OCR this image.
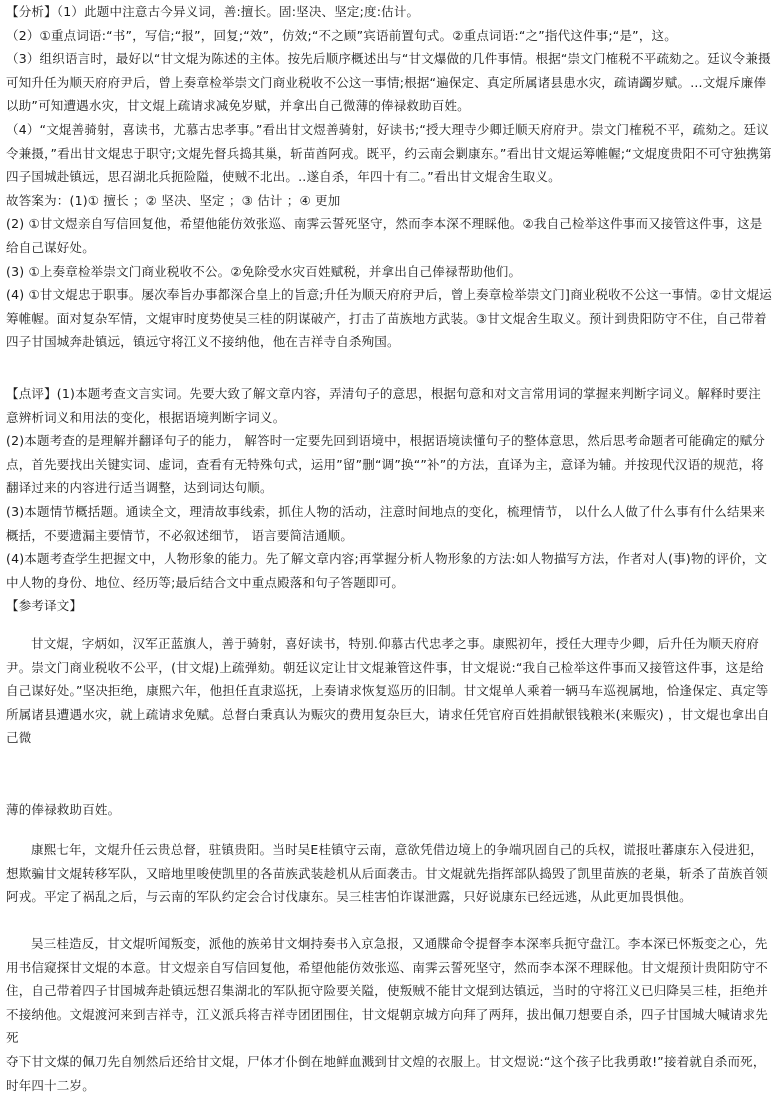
【分析】（1）此题中注意古今异义词，善:擅长。固:坚决、坚定;度:估计。

（2）①重点词语:“书”，写信;“报”，回复;“效”，仿效;“不之顾”宾语前置句式。②重点词语:“之”指代这件事;“是”，这。

（3）组织语言时，最好以“甘文焜为陈述的主体。按先后顺序概述出与“甘文爆做的几件事情。根据“崇文门榷税不平疏劾之。廷议令兼摄可知升任为顺天府府尹后，曾上奏章检举崇文门商业税收不公这一事情;根据“遍保定、真定所属诸县患水灾，疏请蠲岁赋。...文焜斥廉俸以助”可知遭遇水灾，甘文焜上疏请求减免岁赋，并拿出自己微薄的俸禄救助百姓。

（4）“文焜善骑射，喜读书，尤慕古忠孝事。”看出甘文煜善骑射，好读书;“授大理寺少卿迁顺天府府尹。崇文门榷税不平，疏劾之。廷议令兼摄，”看出甘文焜忠于职守;文焜先督兵捣其巢，斩苗酋阿戎。既平，约云南会剿康东。”看出甘文焜运筹帷幄;“文焜度贵阳不可守独携第四子国城赴镇远，思召湖北兵扼险隘，使贼不北出。..遂自杀，年四十有二。”看出甘文焜舍生取义。

故答案为：(1)① 擅长 ；② 坚决、坚定 ；③ 估计 ；④ 更加

(2) ①甘文煜亲自写信回复他，希望他能仿效张巡、南霁云誓死坚守，然而李本深不理睬他。②我自己检举这件事而又接管这件事，这是给自己谋好处。

(3) ①上奏章检举崇文门商业税收不公。②免除受水灾百姓赋税，并拿出自己俸禄帮助他们。

(4) ①甘文焜忠于职事。屡次奉旨办事都深合皇上的旨意;升任为顺天府府尹后，曾上奏章检举崇文门]商业税收不公这一事情。②甘文焜运筹帷幄。面对复杂军情，文焜审时度势使吴三桂的阴谋破产，打击了苗族地方武装。③甘文焜舍生取义。预计到贵阳防守不住，自己带着四子甘国城奔赴镇远，镇远守将江义不接纳他，他在吉祥寺自杀殉国。

【点评】(1)本题考查文言实词。先要大致了解文章内容，弄清句子的意思，根据句意和对文言常用词的掌握来判断字词义。解释时要注意辨析词义和用法的变化，根据语境判断字词义。

(2)本题考查的是理解并翻译句子的能力， 解答时一定要先回到语境中，根据语境读懂句子的整体意思，然后思考命题者可能确定的赋分点，首先要找出关键实词、虚词，查看有无特殊句式，运用”留”删“调”换“”补”的方法，直译为主，意译为辅。并按现代汉语的规范，将翻译过来的内容进行适当调整，达到词达句顺。

(3)本题情节概括题。通读全文，理清故事线索，抓住人物的活动，注意时间地点的变化，梳理情节， 以什么人做了什么事有什么结果来概括，不要遗漏主要情节，不必叙述细节， 语言要简洁通顺。

(4)本题考查学生把握文中，人物形象的能力。先了解文章内容;再掌握分析人物形象的方法:如人物描写方法，作者对人(事)物的评价，文中人物的身份、地位、经历等;最后结合文中重点殿落和句子答题即可。

【参考译文】

甘文焜，字炳如，汉军正蓝旗人，善于骑射，喜好读书，特别.仰慕古代忠孝之事。康熙初年，授任大理寺少卿，后升任为顺天府府尹。崇文门商业税收不公平，(甘文焜)上疏弹劾。朝廷议定让甘文焜兼管这件事，甘文焜说:“我自己检举这件事而又接管这件事，这是给自己谋好处。”坚决拒绝，康熙六年，他担任直隶巡抚，上奏请求恢复巡历的旧制。甘文焜单人乘着一辆马车巡视属地，恰逢保定、真定等所属诸县遭遇水灾，就上疏请求免赋。总督白秉真认为赈灾的费用复杂巨大，请求任凭官府百姓捐献银钱粮米(来赈灾) ，甘文焜也拿出自己微

薄的俸禄救助百姓。

康熙七年，文焜升任云贵总督，驻镇贵阳。当时吴E桂镇守云南，意欲凭借边境上的争端巩固自己的兵权，谎报吐蕃康东入侵进犯，想欺骗甘文焜转移军队，又暗地里唆使凯里的各苗族武装趁机从后面袭击。甘文焜就先指挥部队捣毁了凯里苗族的老巢，斩杀了苗族首领阿戎。平定了祸乱之后，与云南的军队约定会合讨伐康东。吴三桂害怕诈谋泄露，只好说康东已经远逃，从此更加畏惧他。

吴三桂造反，甘文焜听闻叛变，派他的族弟甘文炯持奏书入京急报，又通牒命令提督李本深率兵扼守盘江。李本深已怀叛变之心，先用书信窥探甘文焜的本意。甘文煜亲自写信回复他，希望他能仿效张巡、南霁云誓死坚守，然而李本深不理睬他。甘文焜预计贵阳防守不住，自己带着四子甘国城奔赴镇远想召集湖北的军队扼守险要关隘，使叛贼不能甘文焜到达镇远，当时的守将江义已归降吴三桂，拒绝并不接纳他。文焜渡河来到吉祥寺，江义派兵将吉祥寺团团围住，甘文焜朝京城方向拜了两拜，拔出佩刀想要自杀，四子甘国城大喊请求先死

夺下甘文煤的佩刀先自刎然后还给甘文焜，尸体才仆倒在地鲜血溅到甘文煌的衣服上。甘文煜说:“这个孩子比我勇敢!”接着就自杀而死，时年四十二岁。
